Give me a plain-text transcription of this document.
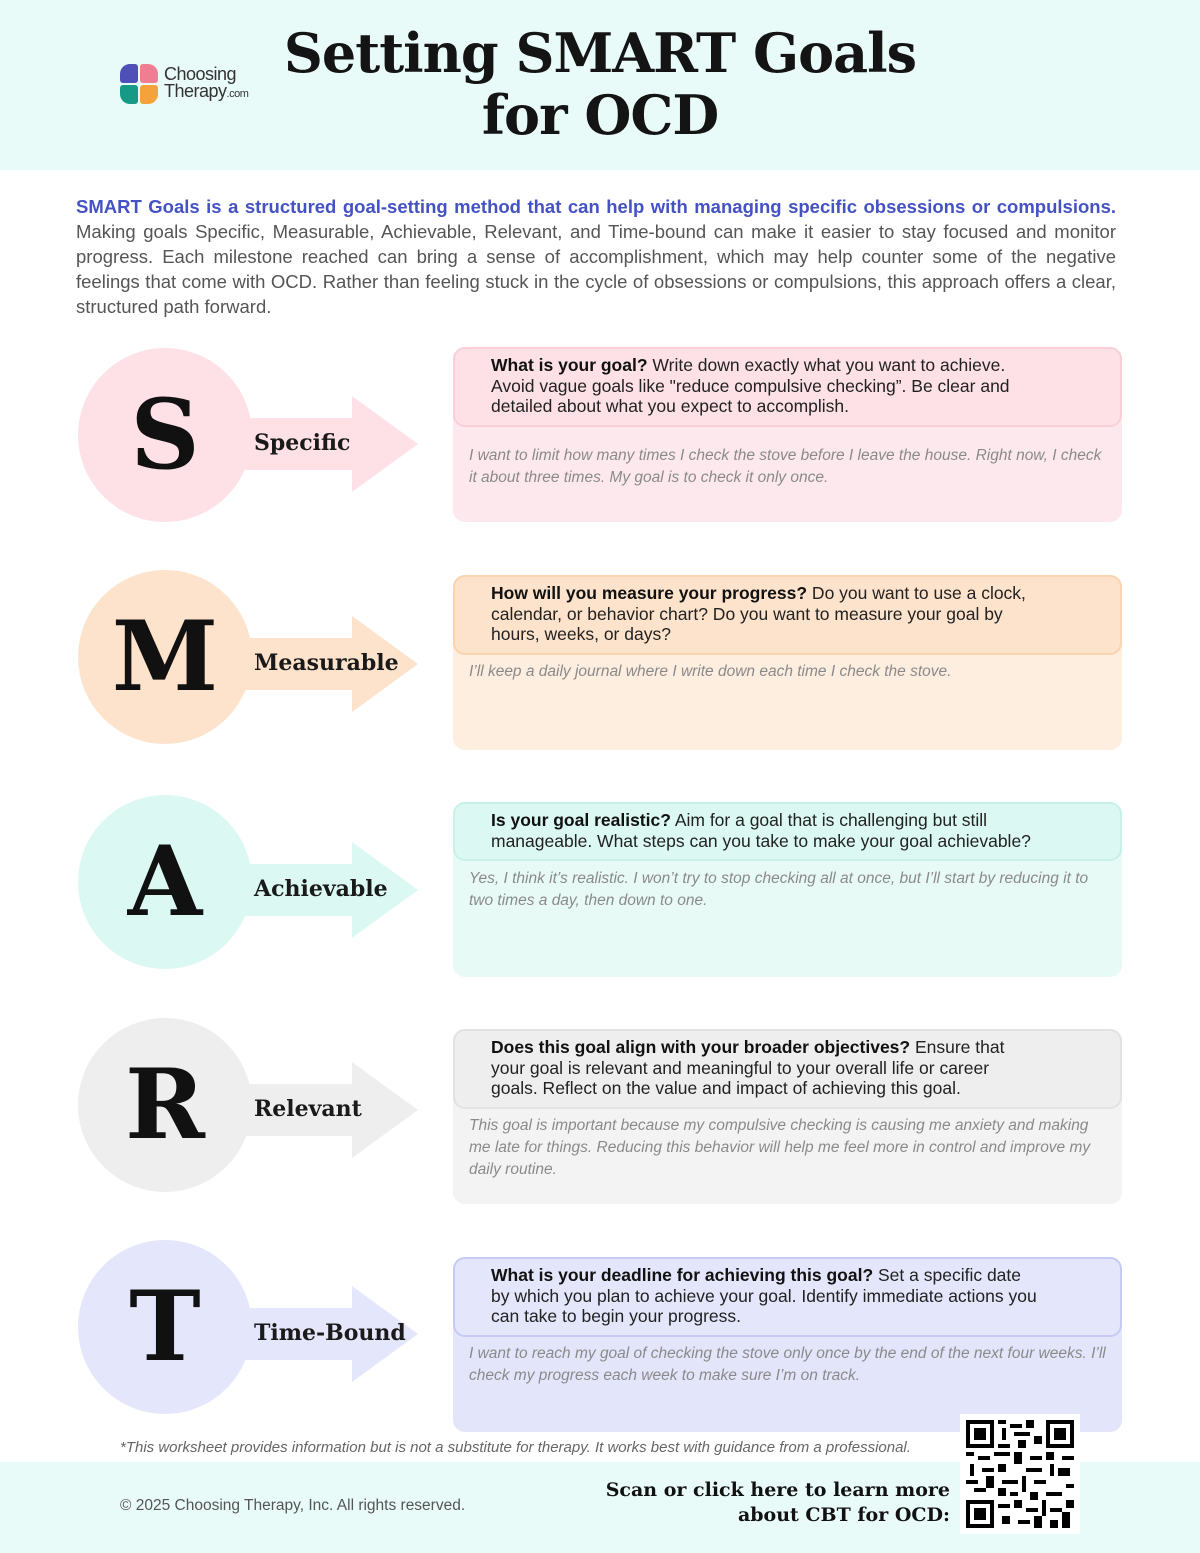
Choosing
Therapy.com
Setting SMART Goals
for OCD

SMART Goals is a structured goal-setting method that can help with managing specific obsessions or compulsions. Making goals Specific, Measurable, Achievable, Relevant, and Time-bound can make it easier to stay focused and monitor progress. Each milestone reached can bring a sense of accomplishment, which may help counter some of the negative feelings that come with OCD. Rather than feeling stuck in the cycle of obsessions or compulsions, this approach offers a clear, structured path forward.

S	Specific
What is your goal? Write down exactly what you want to achieve. Avoid vague goals like "reduce compulsive checking”. Be clear and detailed about what you expect to accomplish.
I want to limit how many times I check the stove before I leave the house. Right now, I check it about three times. My goal is to check it only once.
M	Measurable
How will you measure your progress? Do you want to use a clock, calendar, or behavior chart? Do you want to measure your goal by hours, weeks, or days?
I’ll keep a daily journal where I write down each time I check the stove.
A	Achievable
Is your goal realistic? Aim for a goal that is challenging but still manageable. What steps can you take to make your goal achievable?
Yes, I think it’s realistic. I won’t try to stop checking all at once, but I’ll start by reducing it to two times a day, then down to one.
R	Relevant
Does this goal align with your broader objectives? Ensure that your goal is relevant and meaningful to your overall life or career goals. Reflect on the value and impact of achieving this goal.
This goal is important because my compulsive checking is causing me anxiety and making me late for things. Reducing this behavior will help me feel more in control and improve my daily routine.
T	Time-Bound
What is your deadline for achieving this goal? Set a specific date by which you plan to achieve your goal. Identify immediate actions you can take to begin your progress.
I want to reach my goal of checking the stove only once by the end of the next four weeks. I’ll check my progress each week to make sure I’m on track.
*This worksheet provides information but is not a substitute for therapy. It works best with guidance from a professional.
© 2025 Choosing Therapy, Inc. All rights reserved.
Scan or click here to learn more
about CBT for OCD:
